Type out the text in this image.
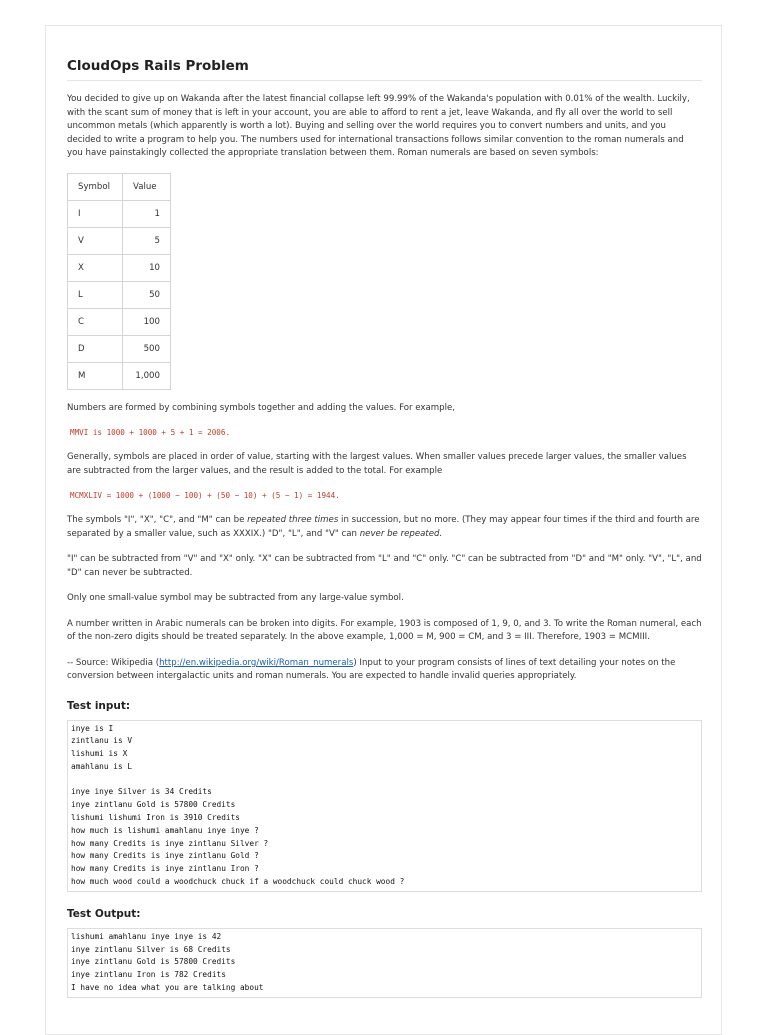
CloudOps Rails Problem

You decided to give up on Wakanda after the latest financial collapse left 99.99% of the Wakanda's population with 0.01% of the wealth. Luckily, with the scant sum of money that is left in your account, you are able to afford to rent a jet, leave Wakanda, and fly all over the world to sell uncommon metals (which apparently is worth a lot). Buying and selling over the world requires you to convert numbers and units, and you decided to write a program to help you. The numbers used for international transactions follows similar convention to the roman numerals and you have painstakingly collected the appropriate translation between them. Roman numerals are based on seven symbols:

Symbol	Value
I	1
V	5
X	10
L	50
C	100
D	500
M	1,000

Numbers are formed by combining symbols together and adding the values. For example,

MMVI is 1000 + 1000 + 5 + 1 = 2006.

Generally, symbols are placed in order of value, starting with the largest values. When smaller values precede larger values, the smaller values are subtracted from the larger values, and the result is added to the total. For example

MCMXLIV = 1000 + (1000 − 100) + (50 − 10) + (5 − 1) = 1944.

The symbols "I", "X", "C", and "M" can be repeated three times in succession, but no more. (They may appear four times if the third and fourth are separated by a smaller value, such as XXXIX.) "D", "L", and "V" can never be repeated.

"I" can be subtracted from "V" and "X" only. "X" can be subtracted from "L" and "C" only. "C" can be subtracted from "D" and "M" only. "V", "L", and "D" can never be subtracted.

Only one small-value symbol may be subtracted from any large-value symbol.

A number written in Arabic numerals can be broken into digits. For example, 1903 is composed of 1, 9, 0, and 3. To write the Roman numeral, each of the non-zero digits should be treated separately. In the above example, 1,000 = M, 900 = CM, and 3 = III. Therefore, 1903 = MCMIII.

-- Source: Wikipedia (http://en.wikipedia.org/wiki/Roman_numerals) Input to your program consists of lines of text detailing your notes on the conversion between intergalactic units and roman numerals. You are expected to handle invalid queries appropriately.

Test input:
inye is I
zintlanu is V
lishumi is X
amahlanu is L

inye inye Silver is 34 Credits
inye zintlanu Gold is 57800 Credits
lishumi lishumi Iron is 3910 Credits
how much is lishumi amahlanu inye inye ?
how many Credits is inye zintlanu Silver ?
how many Credits is inye zintlanu Gold ?
how many Credits is inye zintlanu Iron ?
how much wood could a woodchuck chuck if a woodchuck could chuck wood ?
Test Output:
lishumi amahlanu inye inye is 42
inye zintlanu Silver is 68 Credits
inye zintlanu Gold is 57800 Credits
inye zintlanu Iron is 782 Credits
I have no idea what you are talking about
